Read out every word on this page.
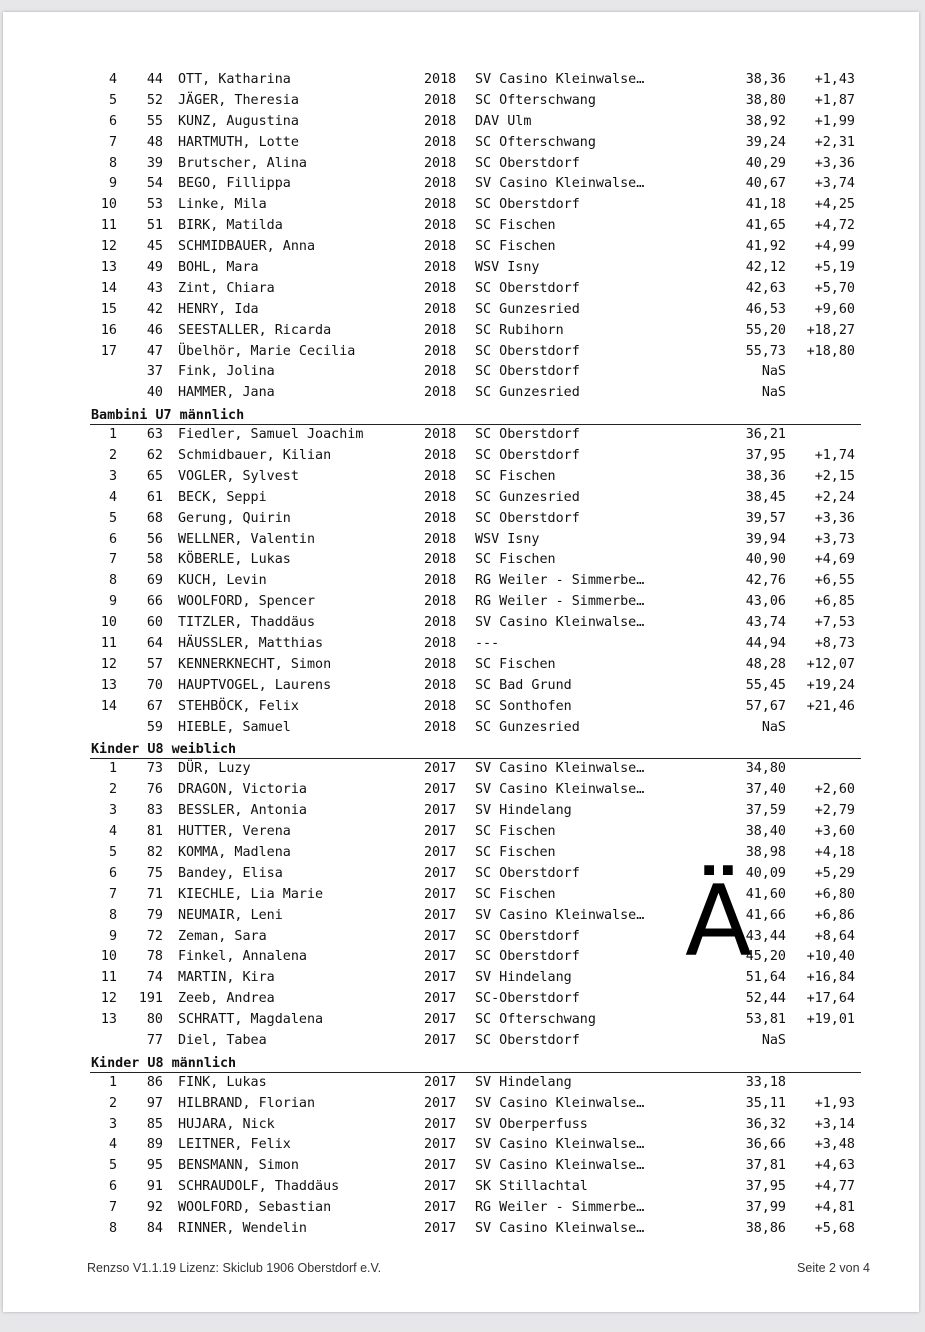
4	44 OTT, Katharina	2018 SV Casino Kleinwalse…	38,36	+1,43
5	52 JÄGER, Theresia	2018 SC Ofterschwang	38,80	+1,87
6	55 KUNZ, Augustina	2018 DAV Ulm	38,92	+1,99
7	48 HARTMUTH, Lotte	2018 SC Ofterschwang	39,24	+2,31
8	39 Brutscher, Alina	2018 SC Oberstdorf	40,29	+3,36
9	54 BEGO, Fillippa	2018 SV Casino Kleinwalse…	40,67	+3,74
10	53 Linke, Mila	2018 SC Oberstdorf	41,18	+4,25
11	51 BIRK, Matilda	2018 SC Fischen	41,65	+4,72
12	45 SCHMIDBAUER, Anna	2018 SC Fischen	41,92	+4,99
13	49 BOHL, Mara	2018 WSV Isny	42,12	+5,19
14	43 Zint, Chiara	2018 SC Oberstdorf	42,63	+5,70
15	42 HENRY, Ida	2018 SC Gunzesried	46,53	+9,60
16	46 SEESTALLER, Ricarda	2018 SC Rubihorn	55,20	+18,27
17	47 Übelhör, Marie Cecilia	2018 SC Oberstdorf	55,73	+18,80
37 Fink, Jolina	2018 SC Oberstdorf	NaS
40 HAMMER, Jana	2018 SC Gunzesried	NaS
Bambini U7 männlich
1	63 Fiedler, Samuel Joachim	2018 SC Oberstdorf	36,21
2	62 Schmidbauer, Kilian	2018 SC Oberstdorf	37,95	+1,74
3	65 VOGLER, Sylvest	2018 SC Fischen	38,36	+2,15
4	61 BECK, Seppi	2018 SC Gunzesried	38,45	+2,24
5	68 Gerung, Quirin	2018 SC Oberstdorf	39,57	+3,36
6	56 WELLNER, Valentin	2018 WSV Isny	39,94	+3,73
7	58 KÖBERLE, Lukas	2018 SC Fischen	40,90	+4,69
8	69 KUCH, Levin	2018 RG Weiler - Simmerbe…	42,76	+6,55
9	66 WOOLFORD, Spencer	2018 RG Weiler - Simmerbe…	43,06	+6,85
10	60 TITZLER, Thaddäus	2018 SV Casino Kleinwalse…	43,74	+7,53
11	64 HÄUSSLER, Matthias	2018 ---	44,94	+8,73
12	57 KENNERKNECHT, Simon	2018 SC Fischen	48,28	+12,07
13	70 HAUPTVOGEL, Laurens	2018 SC Bad Grund	55,45	+19,24
14	67 STEHBÖCK, Felix	2018 SC Sonthofen	57,67	+21,46
59 HIEBLE, Samuel	2018 SC Gunzesried	NaS
Kinder U8 weiblich
1	73 DÜR, Luzy	2017 SV Casino Kleinwalse…	34,80
2	76 DRAGON, Victoria	2017 SV Casino Kleinwalse…	37,40	+2,60
3	83 BESSLER, Antonia	2017 SV Hindelang	37,59	+2,79
4	81 HUTTER, Verena	2017 SC Fischen	38,40	+3,60
5	82 KOMMA, Madlena	2017 SC Fischen	38,98	+4,18
6	75 Bandey, Elisa	2017 SC Oberstdorf	40,09	+5,29
7	71 KIECHLE, Lia Marie	2017 SC Fischen	41,60	+6,80
8	79 NEUMAIR, Leni	2017 SV Casino Kleinwalse…	41,66	+6,86
9	72 Zeman, Sara	2017 SC Oberstdorf	43,44	+8,64
10	78 Finkel, Annalena	2017 SC Oberstdorf	45,20	+10,40
11	74 MARTIN, Kira	2017 SV Hindelang	51,64	+16,84
12	191 Zeeb, Andrea	2017 SC-Oberstdorf	52,44	+17,64
13	80 SCHRATT, Magdalena	2017 SC Ofterschwang	53,81	+19,01
77 Diel, Tabea	2017 SC Oberstdorf	NaS
Kinder U8 männlich
1	86 FINK, Lukas	2017 SV Hindelang	33,18
2	97 HILBRAND, Florian	2017 SV Casino Kleinwalse…	35,11	+1,93
3	85 HUJARA, Nick	2017 SV Oberperfuss	36,32	+3,14
4	89 LEITNER, Felix	2017 SV Casino Kleinwalse…	36,66	+3,48
5	95 BENSMANN, Simon	2017 SV Casino Kleinwalse…	37,81	+4,63
6	91 SCHRAUDOLF, Thaddäus	2017 SK Stillachtal	37,95	+4,77
7	92 WOOLFORD, Sebastian	2017 RG Weiler - Simmerbe…	37,99	+4,81
8	84 RINNER, Wendelin	2017 SV Casino Kleinwalse…	38,86	+5,68
Ä
Renzso V1.1.19 Lizenz: Skiclub 1906 Oberstdorf e.V.	Seite 2 von 4
